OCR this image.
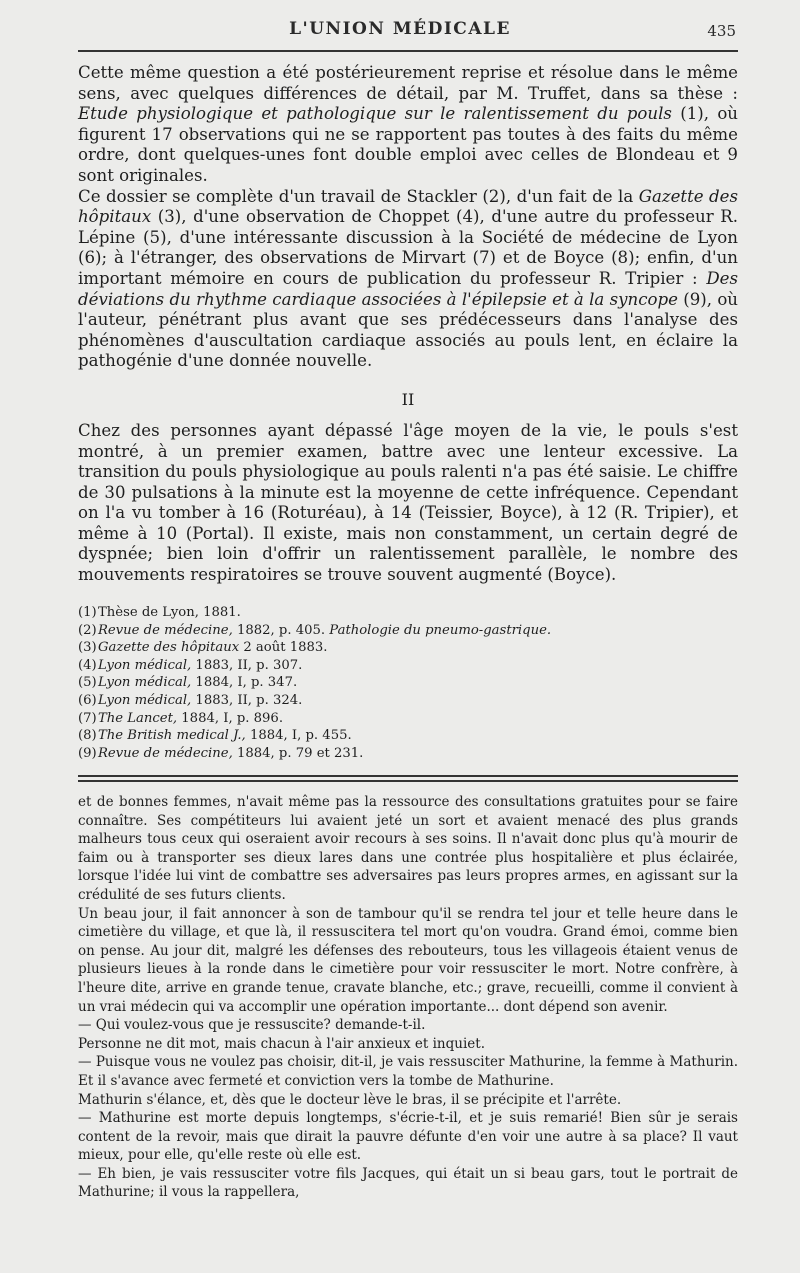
L'UNION MÉDICALE	435

Cette même question a été postérieurement reprise et résolue dans le même sens, avec quelques différences de détail, par M. Truffet, dans sa thèse : Etude physiologique et pathologique sur le ralentissement du pouls (1), où figurent 17 observations qui ne se rapportent pas toutes à des faits du même ordre, dont quelques-unes font double emploi avec celles de Blondeau et 9 sont originales.

Ce dossier se complète d'un travail de Stackler (2), d'un fait de la Gazette des hôpitaux (3), d'une observation de Choppet (4), d'une autre du professeur R. Lépine (5), d'une intéressante discussion à la Société de médecine de Lyon (6); à l'étranger, des observations de Mirvart (7) et de Boyce (8); enfin, d'un important mémoire en cours de publication du professeur R. Tripier : Des déviations du rhythme cardiaque associées à l'épilepsie et à la syncope (9), où l'auteur, pénétrant plus avant que ses prédécesseurs dans l'analyse des phénomènes d'auscultation cardiaque associés au pouls lent, en éclaire la pathogénie d'une donnée nouvelle.

II

Chez des personnes ayant dépassé l'âge moyen de la vie, le pouls s'est montré, à un premier examen, battre avec une lenteur excessive. La transition du pouls physiologique au pouls ralenti n'a pas été saisie. Le chiffre de 30 pulsations à la minute est la moyenne de cette infréquence. Cependant on l'a vu tomber à 16 (Roturéau), à 14 (Teissier, Boyce), à 12 (R. Tripier), et même à 10 (Portal). Il existe, mais non constamment, un certain degré de dyspnée; bien loin d'offrir un ralentissement parallèle, le nombre des mouvements respiratoires se trouve souvent augmenté (Boyce).

(1)Thèse de Lyon, 1881.

(2)Revue de médecine, 1882, p. 405. Pathologie du pneumo-gastrique.

(3)Gazette des hôpitaux 2 août 1883.

(4)Lyon médical, 1883, II, p. 307.

(5)Lyon médical, 1884, I, p. 347.

(6)Lyon médical, 1883, II, p. 324.

(7)The Lancet, 1884, I, p. 896.

(8)The British medical J., 1884, I, p. 455.

(9)Revue de médecine, 1884, p. 79 et 231.

et de bonnes femmes, n'avait même pas la ressource des consultations gratuites pour se faire connaître. Ses compétiteurs lui avaient jeté un sort et avaient menacé des plus grands malheurs tous ceux qui oseraient avoir recours à ses soins. Il n'avait donc plus qu'à mourir de faim ou à transporter ses dieux lares dans une contrée plus hospitalière et plus éclairée, lorsque l'idée lui vint de combattre ses adversaires pas leurs propres armes, en agissant sur la crédulité de ses futurs clients.

Un beau jour, il fait annoncer à son de tambour qu'il se rendra tel jour et telle heure dans le cimetière du village, et que là, il ressuscitera tel mort qu'on voudra. Grand émoi, comme bien on pense. Au jour dit, malgré les défenses des rebouteurs, tous les villageois étaient venus de plusieurs lieues à la ronde dans le cimetière pour voir ressusciter le mort. Notre confrère, à l'heure dite, arrive en grande tenue, cravate blanche, etc.; grave, recueilli, comme il convient à un vrai médecin qui va accomplir une opération importante... dont dépend son avenir.

— Qui voulez-vous que je ressuscite? demande-t-il.

Personne ne dit mot, mais chacun à l'air anxieux et inquiet.

— Puisque vous ne voulez pas choisir, dit-il, je vais ressusciter Mathurine, la femme à Mathurin. Et il s'avance avec fermeté et conviction vers la tombe de Mathurine.

Mathurin s'élance, et, dès que le docteur lève le bras, il se précipite et l'arrête.

— Mathurine est morte depuis longtemps, s'écrie-t-il, et je suis remarié! Bien sûr je serais content de la revoir, mais que dirait la pauvre défunte d'en voir une autre à sa place? Il vaut mieux, pour elle, qu'elle reste où elle est.

— Eh bien, je vais ressusciter votre fils Jacques, qui était un si beau gars, tout le portrait de Mathurine; il vous la rappellera,
